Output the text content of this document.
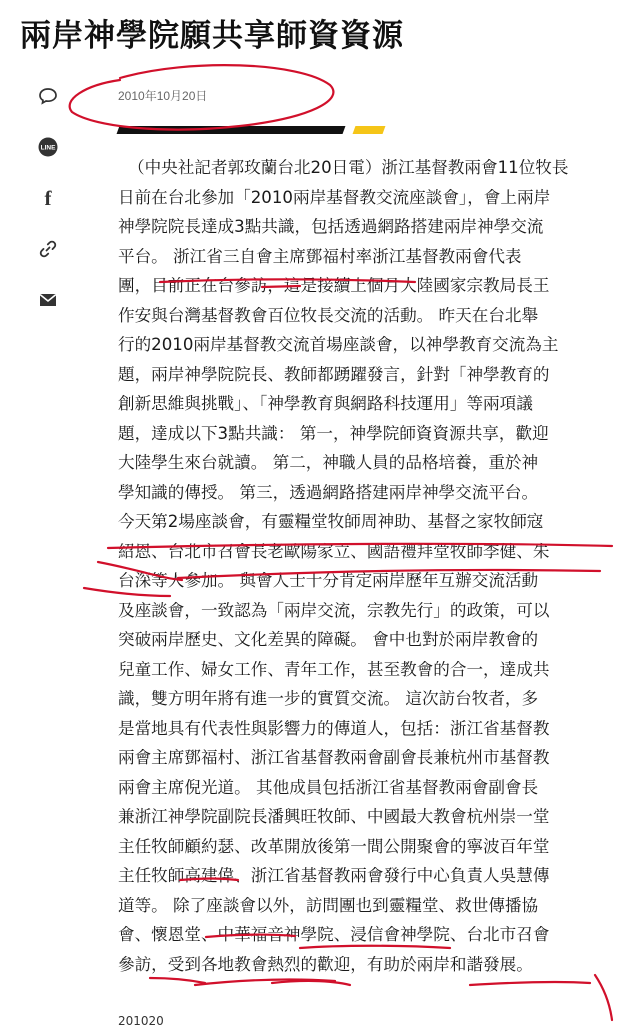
兩岸神學院願共享師資資源
LINE
f
2010年10月20日
（中央社記者郭玫蘭台北20日電）浙江基督教兩會11位牧長
日前在台北參加「2010兩岸基督教交流座談會」，會上兩岸
神學院院長達成3點共識，包括透過網路搭建兩岸神學交流
平台。 浙江省三自會主席鄧福村率浙江基督教兩會代表
團，目前正在台參訪，這是接續上個月大陸國家宗教局長王
作安與台灣基督教會百位牧長交流的活動。 昨天在台北舉
行的2010兩岸基督教交流首場座談會，以神學教育交流為主
題，兩岸神學院院長、教師都踴躍發言，針對「神學教育的
創新思維與挑戰」、「神學教育與網路科技運用」等兩項議
題，達成以下3點共識： 第一，神學院師資資源共享，歡迎
大陸學生來台就讀。 第二，神職人員的品格培養，重於神
學知識的傳授。 第三，透過網路搭建兩岸神學交流平台。
今天第2場座談會，有靈糧堂牧師周神助、基督之家牧師寇
紹恩、台北市召會長老歐陽家立、國語禮拜堂牧師李健、朱
台深等人參加。 與會人士十分肯定兩岸歷年互辦交流活動
及座談會，一致認為「兩岸交流，宗教先行」的政策，可以
突破兩岸歷史、文化差異的障礙。 會中也對於兩岸教會的
兒童工作、婦女工作、青年工作，甚至教會的合一，達成共
識，雙方明年將有進一步的實質交流。 這次訪台牧者，多
是當地具有代表性與影響力的傳道人，包括：浙江省基督教
兩會主席鄧福村、浙江省基督教兩會副會長兼杭州市基督教
兩會主席倪光道。 其他成員包括浙江省基督教兩會副會長
兼浙江神學院副院長潘興旺牧師、中國最大教會杭州崇一堂
主任牧師顧約瑟、改革開放後第一間公開聚會的寧波百年堂
主任牧師高建偉、浙江省基督教兩會發行中心負責人吳慧傳
道等。 除了座談會以外，訪問團也到靈糧堂、救世傳播協
會、懷恩堂、中華福音神學院、浸信會神學院、台北市召會
參訪，受到各地教會熱烈的歡迎，有助於兩岸和諧發展。
201020
